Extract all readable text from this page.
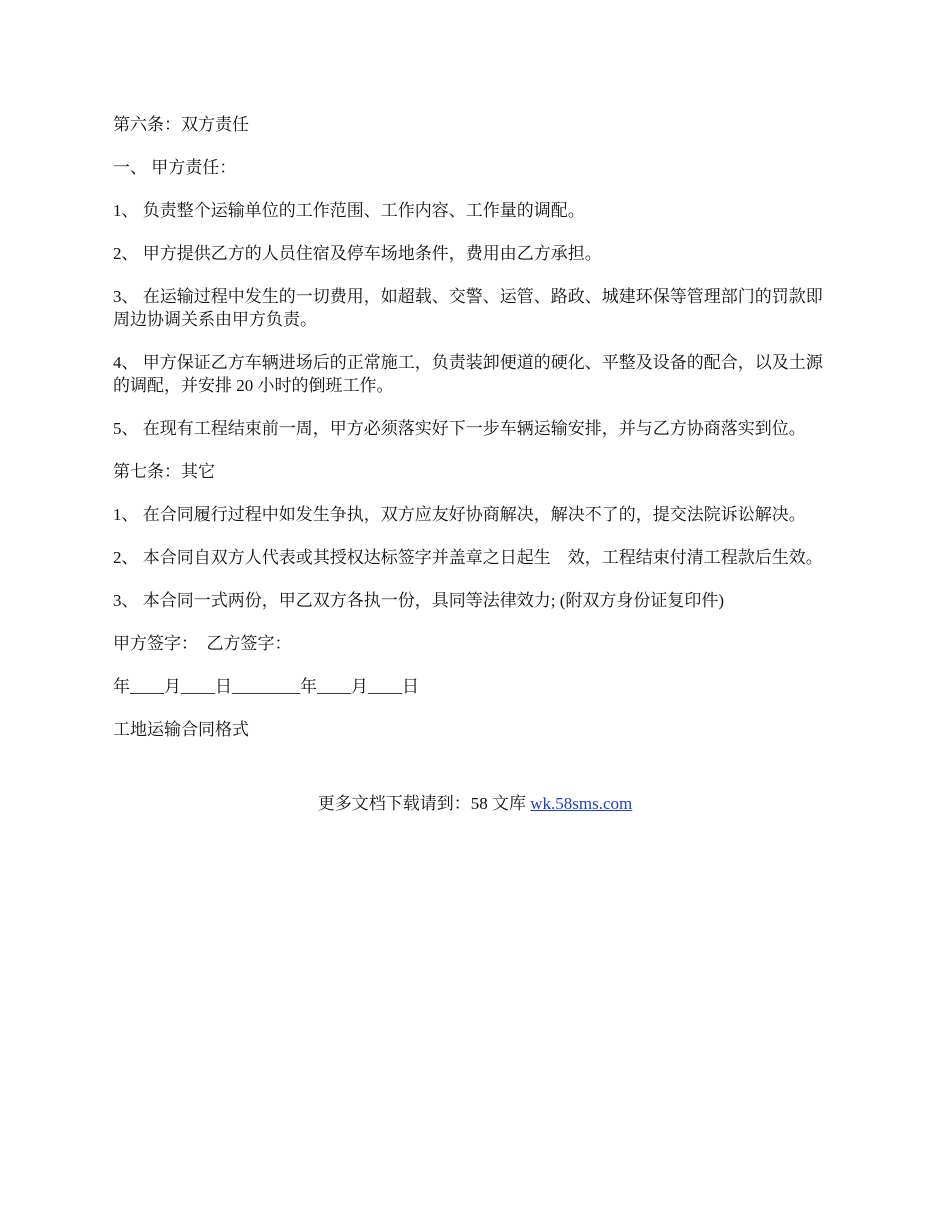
第六条：双方责任

一、 甲方责任：

1、 负责整个运输单位的工作范围、工作内容、工作量的调配。

2、 甲方提供乙方的人员住宿及停车场地条件，费用由乙方承担。

3、 在运输过程中发生的一切费用，如超载、交警、运管、路政、城建环保等管理部门的罚款即周边协调关系由甲方负责。

4、 甲方保证乙方车辆进场后的正常施工，负责装卸便道的硬化、平整及设备的配合，以及土源的调配，并安排 20 小时的倒班工作。

5、 在现有工程结束前一周，甲方必须落实好下一步车辆运输安排，并与乙方协商落实到位。

第七条：其它

1、 在合同履行过程中如发生争执，双方应友好协商解决，解决不了的，提交法院诉讼解决。

2、 本合同自双方人代表或其授权达标签字并盖章之日起生　效，工程结束付清工程款后生效。

3、 本合同一式两份，甲乙双方各执一份，具同等法律效力; (附双方身份证复印件)

甲方签字：  乙方签字：

年____月____日________年____月____日

工地运输合同格式

更多文档下载请到：58 文库 wk.58sms.com
